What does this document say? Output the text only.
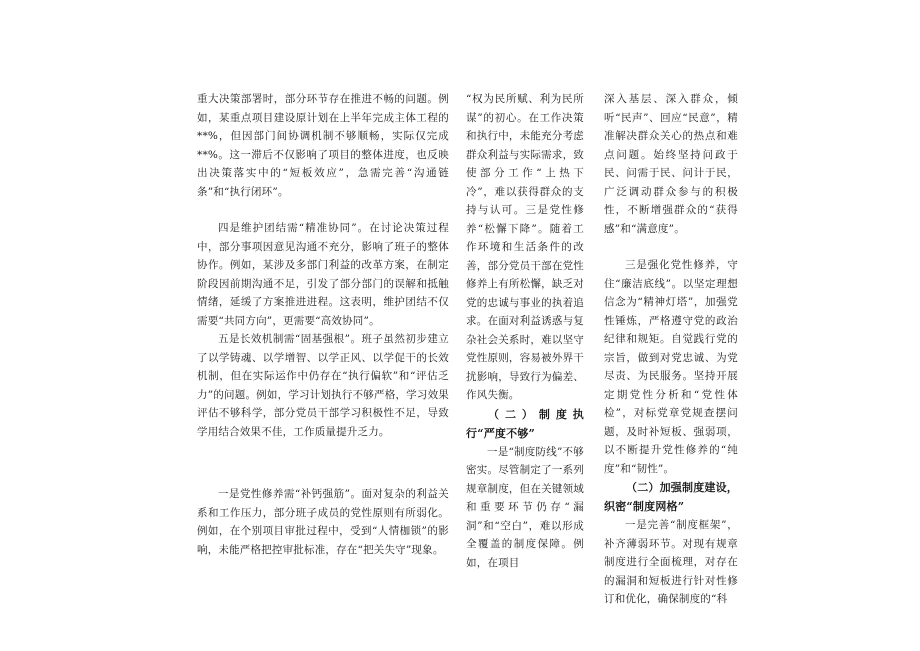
重大决策部署时，部分环节存在推进不畅的问题。例如，某重点项目建设原计划在上半年完成主体工程的**%，但因部门间协调机制不够顺畅，实际仅完成**%。这一滞后不仅影响了项目的整体进度，也反映出决策落实中的“短板效应”，急需完善“沟通链条”和“执行闭环”。

四是维护团结需“精准协同”。在讨论决策过程中，部分事项因意见沟通不充分，影响了班子的整体协作。例如，某涉及多部门利益的改革方案，在制定阶段因前期沟通不足，引发了部分部门的误解和抵触情绪，延缓了方案推进进程。这表明，维护团结不仅需要“共同方向”，更需要“高效协同”。

五是长效机制需“固基强根”。班子虽然初步建立了以学铸魂、以学增智、以学正风、以学促干的长效机制，但在实际运作中仍存在“执行偏软”和“评估乏力”的问题。例如，学习计划执行不够严格，学习效果评估不够科学，部分党员干部学习积极性不足，导致学用结合效果不佳，工作质量提升乏力。

一是党性修养需“补钙强筋”。面对复杂的利益关系和工作压力，部分班子成员的党性原则有所弱化。例如，在个别项目审批过程中，受到“人情枷锁”的影响，未能严格把控审批标准，存在“把关失守”现象。

“权为民所赋、利为民所谋”的初心。在工作决策和执行中，未能充分考虑群众利益与实际需求，致使部分工作“上热下冷”，难以获得群众的支持与认可。三是党性修养“松懈下降”。随着工作环境和生活条件的改善，部分党员干部在党性修养上有所松懈，缺乏对党的忠诚与事业的执着追求。在面对利益诱惑与复杂社会关系时，难以坚守党性原则，容易被外界干扰影响，导致行为偏差、作风失衡。

（二）制度执行“严度不够”

一是“制度防线”不够密实。尽管制定了一系列规章制度，但在关键领域和重要环节仍存“漏洞”和“空白”，难以形成全覆盖的制度保障。例如，在项目

深入基层、深入群众，倾听“民声”、回应“民意”，精准解决群众关心的热点和难点问题。始终坚持问政于民、问需于民、问计于民，广泛调动群众参与的积极性，不断增强群众的“获得感”和“满意度”。

三是强化党性修养，守住“廉洁底线”。以坚定理想信念为“精神灯塔”，加强党性锤炼，严格遵守党的政治纪律和规矩。自觉践行党的宗旨，做到对党忠诚、为党尽责、为民服务。坚持开展定期党性分析和“党性体检”，对标党章党规查摆问题，及时补短板、强弱项，以不断提升党性修养的“纯度”和“韧性”。

（二）加强制度建设，织密“制度网格”

一是完善“制度框架”，补齐薄弱环节。对现有规章制度进行全面梳理，对存在的漏洞和短板进行针对性修订和优化，确保制度的“科
